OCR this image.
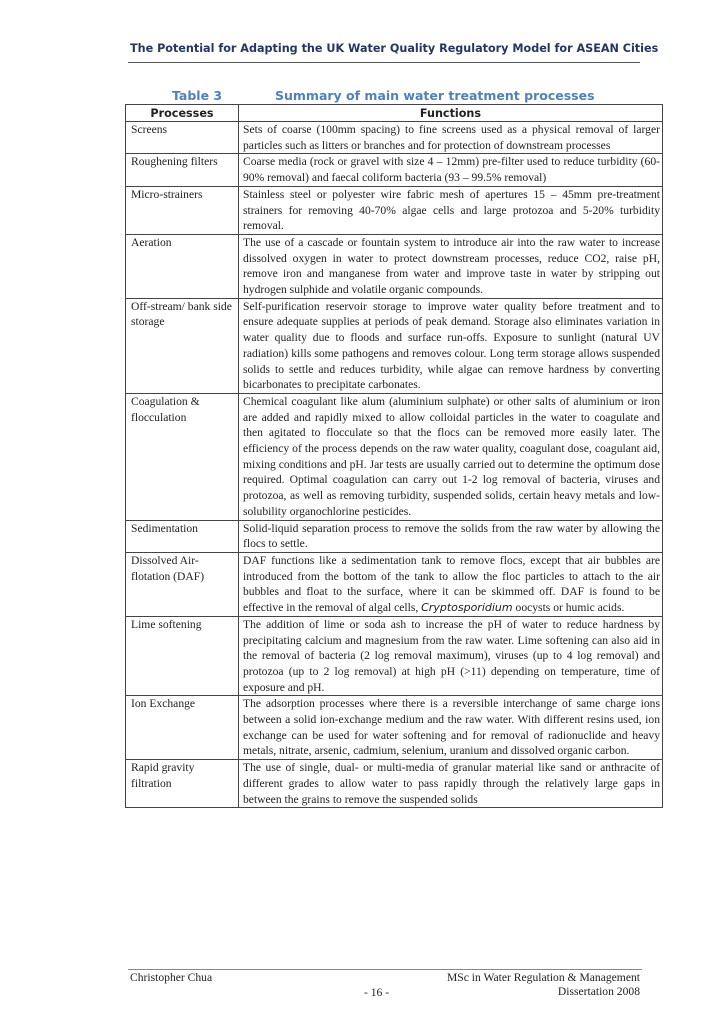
The Potential for Adapting the UK Water Quality Regulatory Model for ASEAN Cities
Table 3	Summary of main water treatment processes
Processes	Functions
Screens	Sets of coarse (100mm spacing) to fine screens used as a physical removal of larger particles such as litters or branches and for protection of downstream processes
Roughening filters	Coarse media (rock or gravel with size 4 – 12mm) pre-filter used to reduce turbidity (60-90% removal) and faecal coliform bacteria (93 – 99.5% removal)
Micro-strainers	Stainless steel or polyester wire fabric mesh of apertures 15 – 45mm pre-treatment strainers for removing 40-70% algae cells and large protozoa and 5-20% turbidity removal.
Aeration	The use of a cascade or fountain system to introduce air into the raw water to increase dissolved oxygen in water to protect downstream processes, reduce CO2, raise pH, remove iron and manganese from water and improve taste in water by stripping out hydrogen sulphide and volatile organic compounds.
Off-stream/ bank side storage	Self-purification reservoir storage to improve water quality before treatment and to ensure adequate supplies at periods of peak demand. Storage also eliminates variation in water quality due to floods and surface run-offs. Exposure to sunlight (natural UV radiation) kills some pathogens and removes colour. Long term storage allows suspended solids to settle and reduces turbidity, while algae can remove hardness by converting bicarbonates to precipitate carbonates.
Coagulation & flocculation	Chemical coagulant like alum (aluminium sulphate) or other salts of aluminium or iron are added and rapidly mixed to allow colloidal particles in the water to coagulate and then agitated to flocculate so that the flocs can be removed more easily later. The efficiency of the process depends on the raw water quality, coagulant dose, coagulant aid, mixing conditions and pH. Jar tests are usually carried out to determine the optimum dose required. Optimal coagulation can carry out 1-2 log removal of bacteria, viruses and protozoa, as well as removing turbidity, suspended solids, certain heavy metals and low-solubility organochlorine pesticides.
Sedimentation	Solid-liquid separation process to remove the solids from the raw water by allowing the flocs to settle.
Dissolved Air-flotation (DAF)	DAF functions like a sedimentation tank to remove flocs, except that air bubbles are introduced from the bottom of the tank to allow the floc particles to attach to the air bubbles and float to the surface, where it can be skimmed off. DAF is found to be effective in the removal of algal cells, Cryptosporidium oocysts or humic acids.
Lime softening	The addition of lime or soda ash to increase the pH of water to reduce hardness by precipitating calcium and magnesium from the raw water. Lime softening can also aid in the removal of bacteria (2 log removal maximum), viruses (up to 4 log removal) and protozoa (up to 2 log removal) at high pH (>11) depending on temperature, time of exposure and pH.
Ion Exchange	The adsorption processes where there is a reversible interchange of same charge ions between a solid ion-exchange medium and the raw water. With different resins used, ion exchange can be used for water softening and for removal of radionuclide and heavy metals, nitrate, arsenic, cadmium, selenium, uranium and dissolved organic carbon.
Rapid gravity filtration	The use of single, dual- or multi-media of granular material like sand or anthracite of different grades to allow water to pass rapidly through the relatively large gaps in between the grains to remove the suspended solids
Christopher Chua	MSc in Water Regulation & Management
Dissertation 2008
- 16 -
